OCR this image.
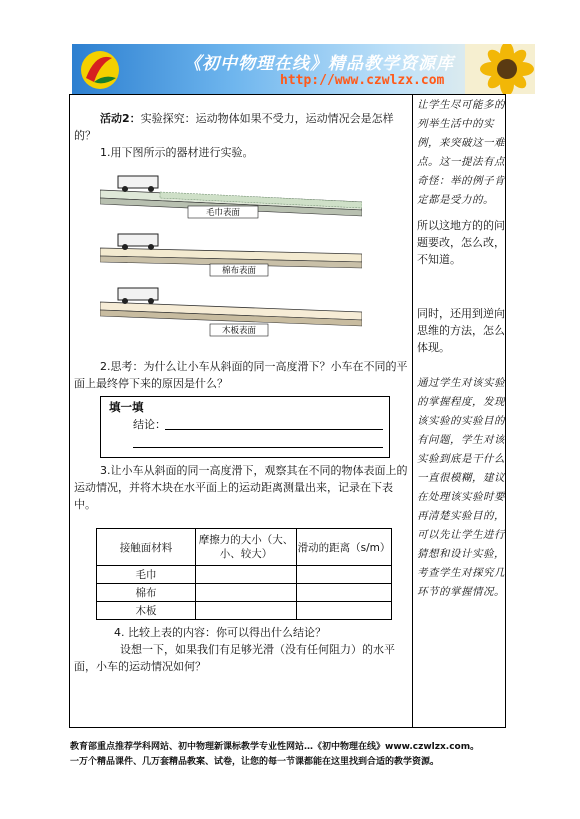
《初中物理在线》精品教学资源库
http://www.czwlzx.com

活动2：实验探究：运动物体如果不受力，运动情况会是怎样的？

1.用下图所示的器材进行实验。

毛巾表面
棉布表面
木板表面

2.思考：为什么让小车从斜面的同一高度滑下？小车在不同的平面上最终停下来的原因是什么？

填一填
结论：

3.让小车从斜面的同一高度滑下，观察其在不同的物体表面上的运动情况，并将木块在水平面上的运动距离测量出来，记录在下表中。

接触面材料	摩擦力的大小（大、小、较大）	滑动的距离（s/m）
毛巾		
棉布		
木板		

4. 比较上表的内容：你可以得出什么结论？

设想一下，如果我们有足够光滑（没有任何阻力）的水平面，小车的运动情况如何？

让学生尽可能多的列举生活中的实例，来突破这一难点。这一提法有点奇怪：举的例子肯定都是受力的。
所以这地方的的问题要改，怎么改，不知道。
同时，还用到逆向思维的方法，怎么体现。
通过学生对该实验的掌握程度，发现该实验的实验目的有问题，学生对该实验到底是干什么一直很模糊，建议在处理该实验时要再清楚实验目的，可以先让学生进行猜想和设计实验，考查学生对探究几环节的掌握情况。
教育部重点推荐学科网站、初中物理新课标教学专业性网站…《初中物理在线》www.czwlzx.com。
一万个精品课件、几万套精品教案、试卷，让您的每一节课都能在这里找到合适的教学资源。
